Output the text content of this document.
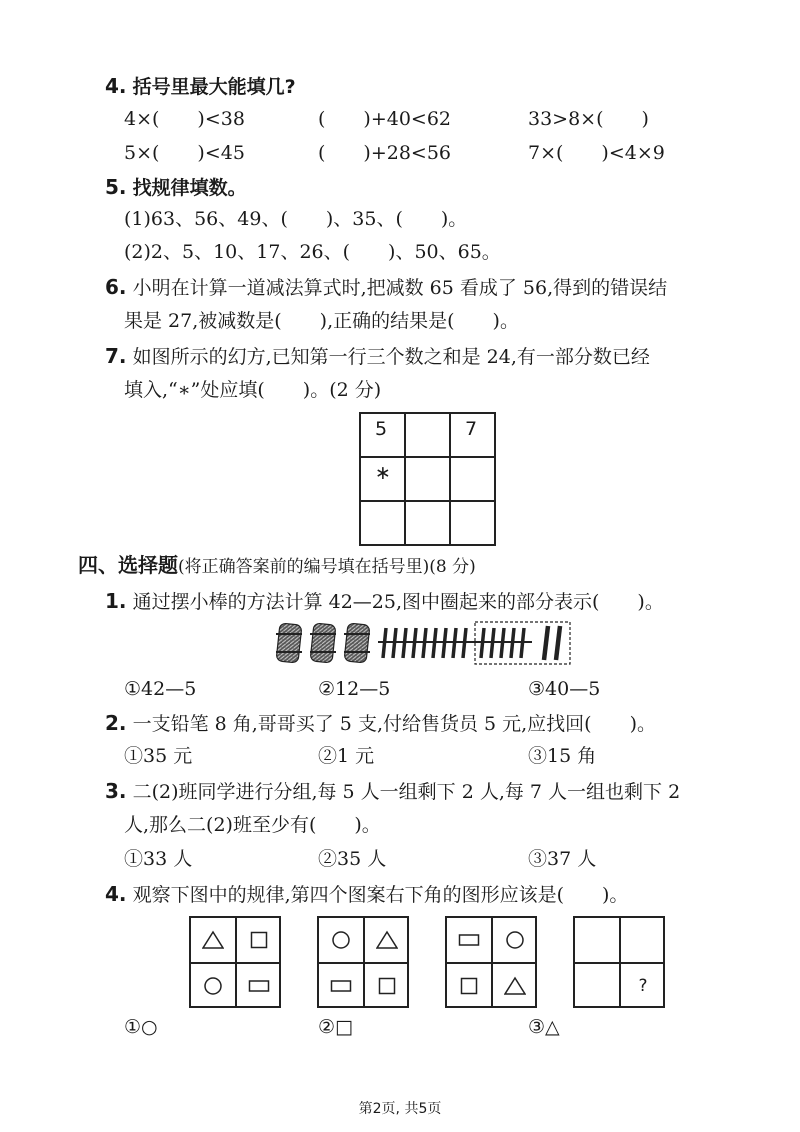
4. 括号里最大能填几?
4×(　　)<38	(　　)+40<62	33>8×(　　)
5×(　　)<45	(　　)+28<56	7×(　　)<4×9
5. 找规律填数。
(1)63、56、49、(　　)、35、(　　)。
(2)2、5、10、17、26、(　　)、50、65。
6. 小明在计算一道减法算式时,把减数 65 看成了 56,得到的错误结
果是 27,被减数是(　　),正确的结果是(　　)。
7. 如图所示的幻方,已知第一行三个数之和是 24,有一部分数已经
填入,“∗”处应填(　　)。(2 分)
5		7

∗		

四、选择题(将正确答案前的编号填在括号里)(8 分)
1. 通过摆小棒的方法计算 42—25,图中圈起来的部分表示(　　)。
①42—5	②12—5	③40—5
2. 一支铅笔 8 角,哥哥买了 5 支,付给售货员 5 元,应找回(　　)。
①35 元	②1 元	③15 角
3. 二(2)班同学进行分组,每 5 人一组剩下 2 人,每 7 人一组也剩下 2
人,那么二(2)班至少有(　　)。
①33 人	②35 人	③37 人
4. 观察下图中的规律,第四个图案右下角的图形应该是(　　)。
?
①○	②□	③△
第2页, 共5页
